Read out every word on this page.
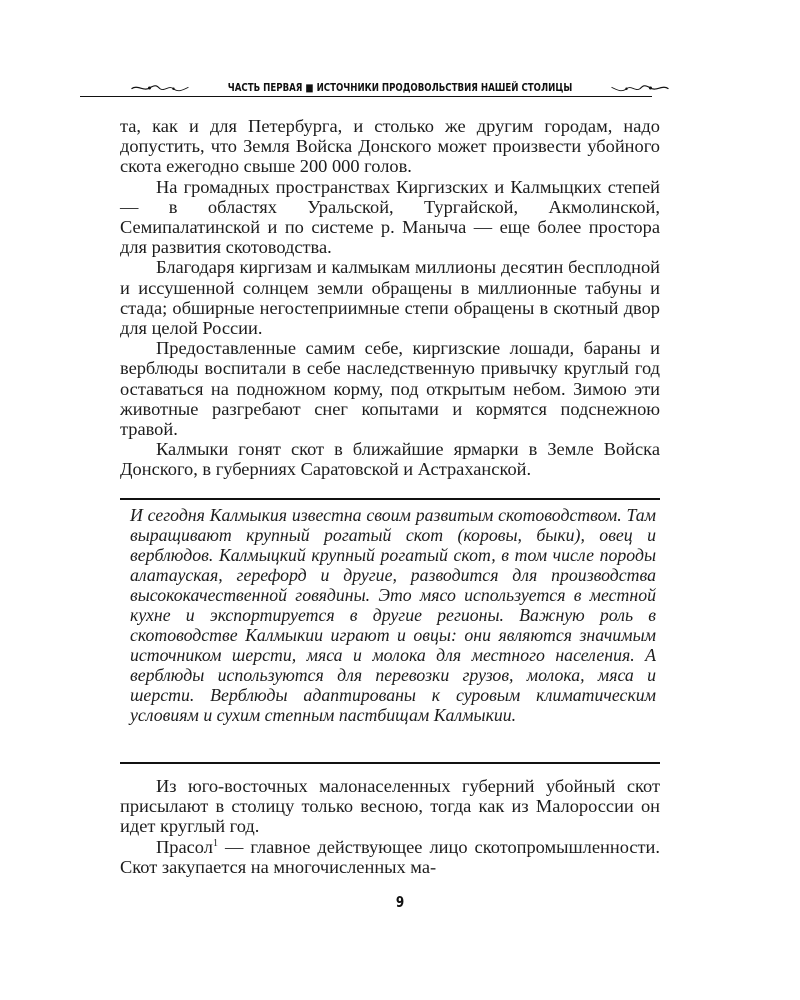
ЧАСТЬ ПЕРВАЯ ■ ИСТОЧНИКИ ПРОДОВОЛЬСТВИЯ НАШЕЙ СТОЛИЦЫ

та, как и для Петербурга, и столько же другим городам, надо допустить, что Земля Войска Донского может произвести убойного скота ежегодно свыше 200 000 голов.

На громадных пространствах Киргизских и Калмыцких степей — в областях Уральской, Тургайской, Акмолинской, Семипалатинской и по системе р. Маныча — еще более простора для развития скотоводства.

Благодаря киргизам и калмыкам миллионы десятин бесплодной и иссушенной солнцем земли обращены в миллионные табуны и стада; обширные негостеприимные степи обращены в скотный двор для целой России.

Предоставленные самим себе, киргизские лошади, бараны и верблюды воспитали в себе наследственную привычку круглый год оставаться на подножном корму, под открытым небом. Зимою эти животные разгребают снег копытами и кормятся подснежною травой.

Калмыки гонят скот в ближайшие ярмарки в Земле Войска Донского, в губерниях Саратовской и Астраханской.

И сегодня Калмыкия известна своим развитым скотоводством. Там выращивают крупный рогатый скот (коровы, быки), овец и верблюдов. Калмыцкий крупный рогатый скот, в том числе породы алатауская, герефорд и другие, разводится для производства высококачественной говядины. Это мясо используется в местной кухне и экспортируется в другие регионы. Важную роль в скотоводстве Калмыкии играют и овцы: они являются значимым источником шерсти, мяса и молока для местного населения. А верблюды используются для перевозки грузов, молока, мяса и шерсти. Верблюды адаптированы к суровым климатическим условиям и сухим степным пастбищам Калмыкии.

Из юго-восточных малонаселенных губерний убойный скот присылают в столицу только весною, тогда как из Малороссии он идет круглый год.

Прасол$^1$ — главное действующее лицо скотопромышленности. Скот закупается на многочисленных ма-

9
